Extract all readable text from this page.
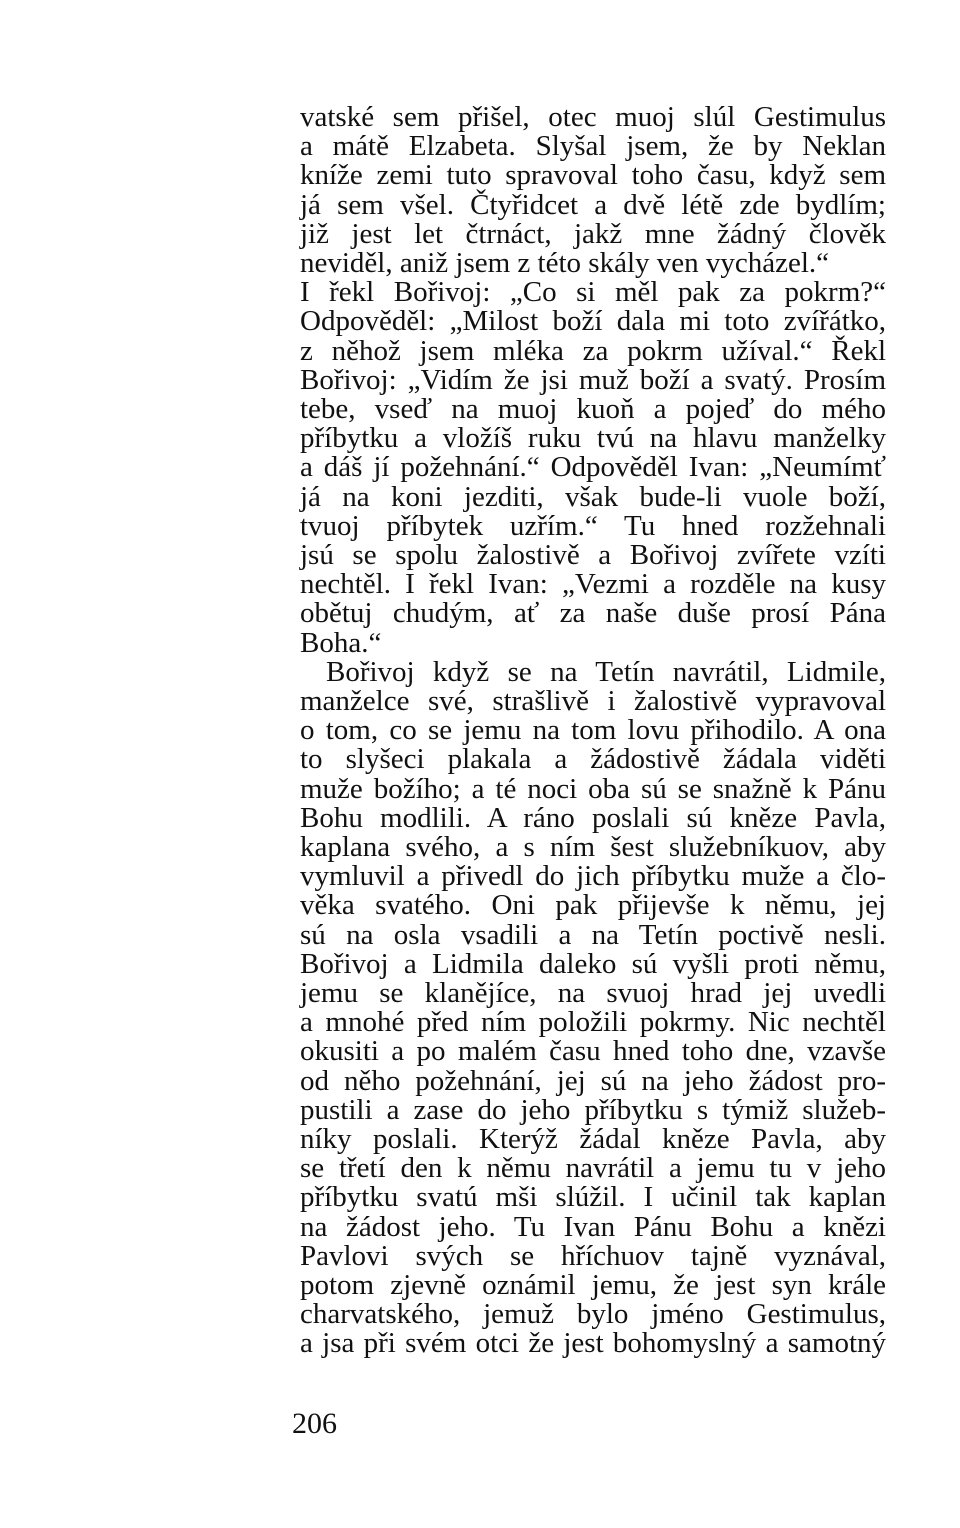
vatské sem přišel, otec muoj slúl Gestimulus
a mátě Elzabeta. Slyšal jsem, že by Neklan
kníže zemi tuto spravoval toho času, když sem
já sem všel. Čtyřidcet a dvě létě zde bydlím;
již jest let čtrnáct, jakž mne žádný člověk
neviděl, aniž jsem z této skály ven vycházel.“
I řekl Bořivoj: „Co si měl pak za pokrm?“
Odpověděl: „Milost boží dala mi toto zvířátko,
z něhož jsem mléka za pokrm užíval.“ Řekl
Bořivoj: „Vidím že jsi muž boží a svatý. Prosím
tebe, vseď na muoj kuoň a pojeď do mého
příbytku a vložíš ruku tvú na hlavu manželky
a dáš jí požehnání.“ Odpověděl Ivan: „Neumímť
já na koni jezditi, však bude-li vuole boží,
tvuoj příbytek uzřím.“ Tu hned rozžehnali
jsú se spolu žalostivě a Bořivoj zvířete vzíti
nechtěl. I řekl Ivan: „Vezmi a rozděle na kusy
obětuj chudým, ať za naše duše prosí Pána
Boha.“
Bořivoj když se na Tetín navrátil, Lidmile,
manželce své, strašlivě i žalostivě vypravoval
o tom, co se jemu na tom lovu přihodilo. A ona
to slyšeci plakala a žádostivě žádala viděti
muže božího; a té noci oba sú se snažně k Pánu
Bohu modlili. A ráno poslali sú kněze Pavla,
kaplana svého, a s ním šest služebníkuov, aby
vymluvil a přivedl do jich příbytku muže a člo-
věka svatého. Oni pak přijevše k němu, jej
sú na osla vsadili a na Tetín poctivě nesli.
Bořivoj a Lidmila daleko sú vyšli proti němu,
jemu se klanějíce, na svuoj hrad jej uvedli
a mnohé před ním položili pokrmy. Nic nechtěl
okusiti a po malém času hned toho dne, vzavše
od něho požehnání, jej sú na jeho žádost pro-
pustili a zase do jeho příbytku s týmiž služeb-
níky poslali. Kterýž žádal kněze Pavla, aby
se třetí den k němu navrátil a jemu tu v jeho
příbytku svatú mši slúžil. I učinil tak kaplan
na žádost jeho. Tu Ivan Pánu Bohu a knězi
Pavlovi svých se hříchuov tajně vyznával,
potom zjevně oznámil jemu, že jest syn krále
charvatského, jemuž bylo jméno Gestimulus,
a jsa při svém otci že jest bohomyslný a samotný
206
